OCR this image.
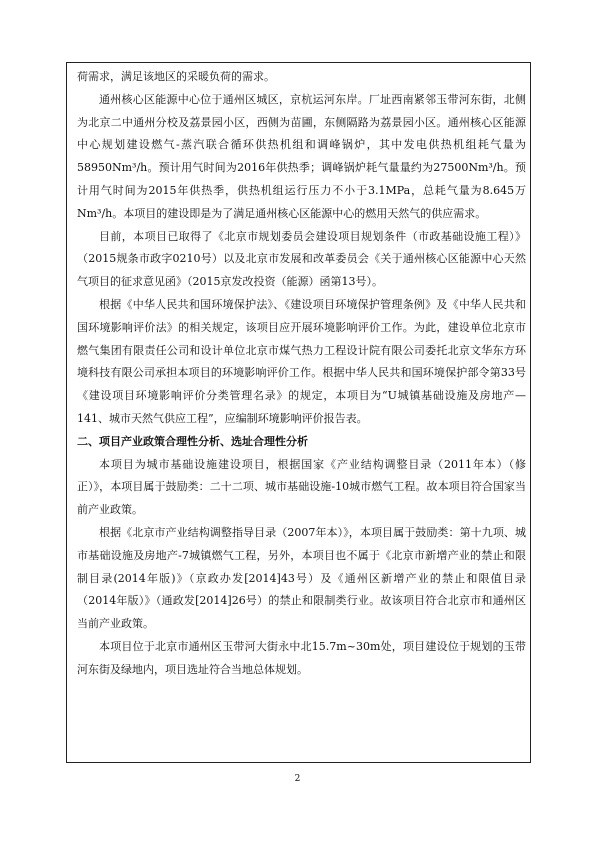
荷需求，满足该地区的采暖负荷的需求。

通州核心区能源中心位于通州区城区，京杭运河东岸。厂址西南紧邻玉带河东街，北侧为北京二中通州分校及荔景园小区，西侧为苗圃，东侧隔路为荔景园小区。通州核心区能源中心规划建设燃气-蒸汽联合循环供热机组和调峰锅炉，其中发电供热机组耗气量为58950Nm³/h。预计用气时间为2016年供热季；调峰锅炉耗气量量约为27500Nm³/h。预计用气时间为2015年供热季，供热机组运行压力不小于3.1MPa，总耗气量为8.645万Nm³/h。本项目的建设即是为了满足通州核心区能源中心的燃用天然气的供应需求。

目前，本项目已取得了《北京市规划委员会建设项目规划条件（市政基础设施工程）》（2015规条市政字0210号）以及北京市发展和改革委员会《关于通州核心区能源中心天然气项目的征求意见函》（2015京发改投资（能源）函第13号）。

根据《中华人民共和国环境保护法》、《建设项目环境保护管理条例》及《中华人民共和国环境影响评价法》的相关规定，该项目应开展环境影响评价工作。为此，建设单位北京市燃气集团有限责任公司和设计单位北京市煤气热力工程设计院有限公司委托北京文华东方环境科技有限公司承担本项目的环境影响评价工作。根据中华人民共和国环境保护部令第33号《建设项目环境影响评价分类管理名录》的规定，本项目为“U城镇基础设施及房地产—141、城市天然气供应工程”，应编制环境影响评价报告表。

二、项目产业政策合理性分析、选址合理性分析

本项目为城市基础设施建设项目，根据国家《产业结构调整目录（2011年本）（修正）》，本项目属于鼓励类：二十二项、城市基础设施-10城市燃气工程。故本项目符合国家当前产业政策。

根据《北京市产业结构调整指导目录（2007年本）》，本项目属于鼓励类：第十九项、城市基础设施及房地产-7城镇燃气工程，另外，本项目也不属于《北京市新增产业的禁止和限制目录(2014年版)》（京政办发[2014]43号）及《通州区新增产业的禁止和限值目录（2014年版）》（通政发[2014]26号）的禁止和限制类行业。故该项目符合北京市和通州区当前产业政策。

本项目位于北京市通州区玉带河大街永中北15.7m~30m处，项目建设位于规划的玉带河东街及绿地内，项目选址符合当地总体规划。

2
